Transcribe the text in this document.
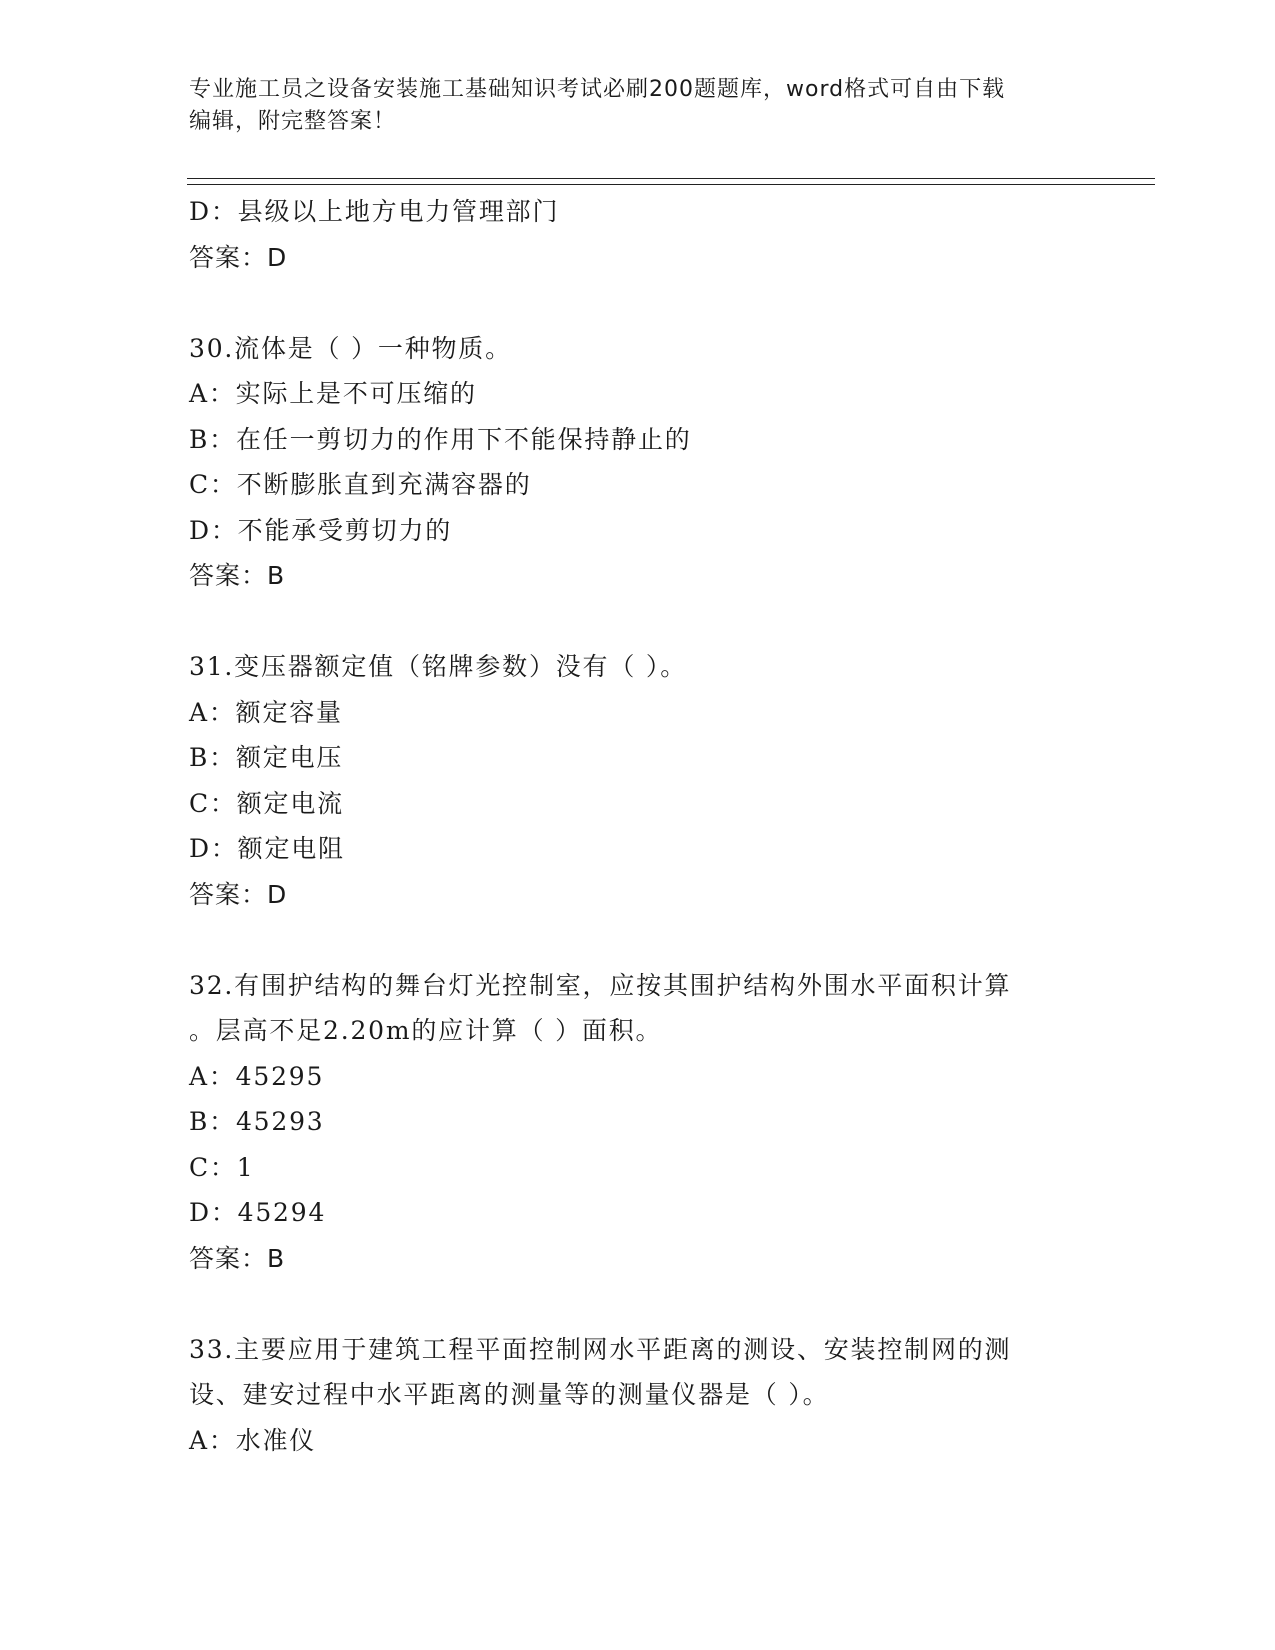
专业施工员之设备安装施工基础知识考试必刷200题题库，word格式可自由下载
编辑，附完整答案！
D：县级以上地方电力管理部门
答案：D
30.流体是（ ）一种物质。
A：实际上是不可压缩的
B：在任一剪切力的作用下不能保持静止的
C：不断膨胀直到充满容器的
D：不能承受剪切力的
答案：B
31.变压器额定值（铭牌参数）没有（ ）。
A：额定容量
B：额定电压
C：额定电流
D：额定电阻
答案：D
32.有围护结构的舞台灯光控制室，应按其围护结构外围水平面积计算
。层高不足2.20m的应计算（ ）面积。
A：45295
B：45293
C：1
D：45294
答案：B
33.主要应用于建筑工程平面控制网水平距离的测设、安装控制网的测
设、建安过程中水平距离的测量等的测量仪器是（ ）。
A：水准仪
